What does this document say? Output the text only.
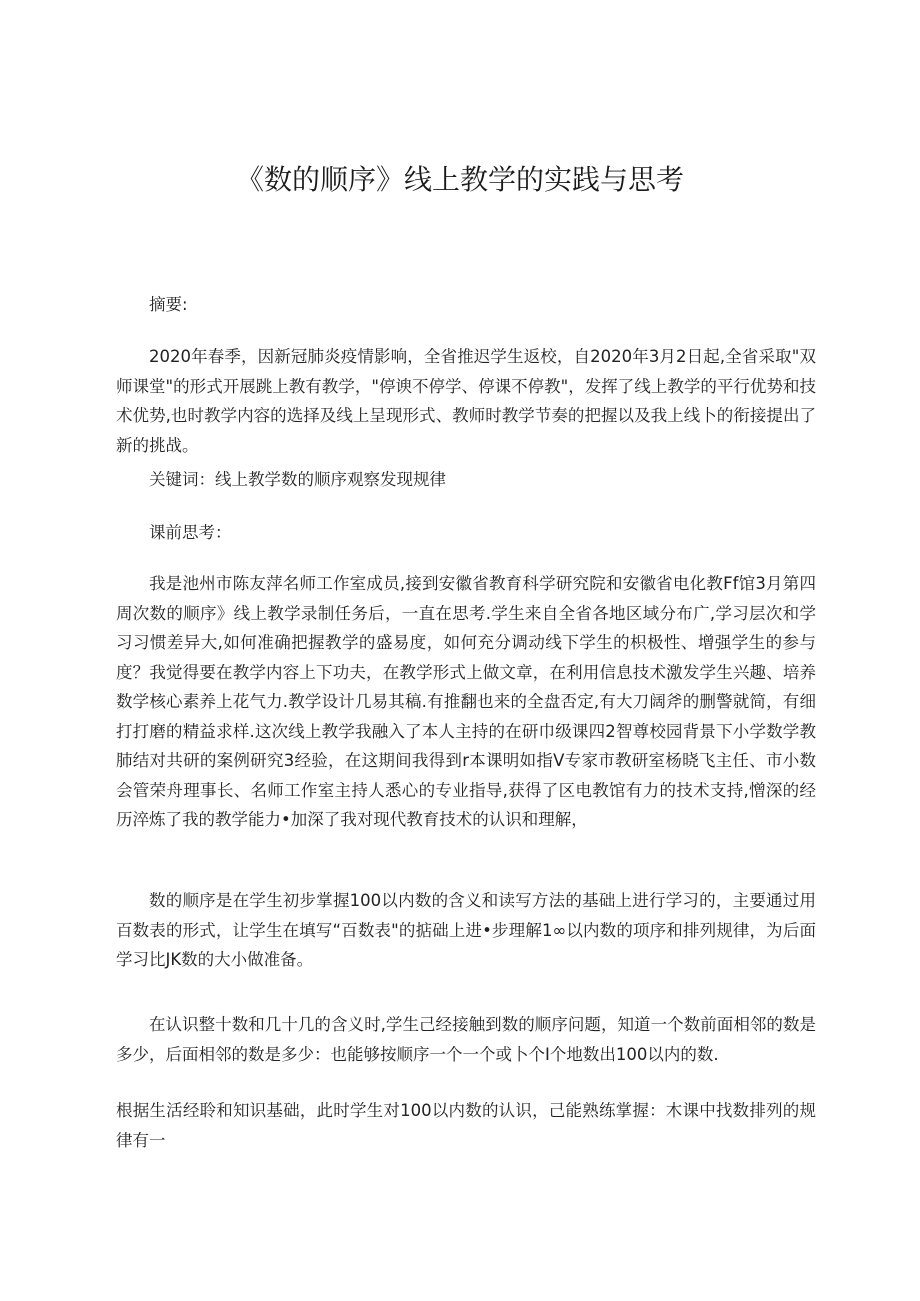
《数的顺序》线上教学的实践与思考
摘要:

2020年春季，因新冠肺炎疫情影响，全省推迟学生返校，自2020年3月2日起,全省采取"双师课堂"的形式开展跳上教有教学，"停谀不停学、停课不停教"，发挥了线上教学的平行优势和技术优势,也时教学内容的选择及线上呈现形式、教师时教学节奏的把握以及我上线卜的衔接提出了新的挑战。

关键词：线上教学数的顺序观察发现规律
课前思考：

我是池州市陈友萍名师工作室成员,接到安徽省教育科学研究院和安徽省电化教Ff馆3月第四周次数的顺序》线上教学录制任务后，一直在思考.学生来自全省各地区域分布广,学习层次和学习习惯差异大,如何准确把握教学的盛易度，如何充分调动线下学生的枳极性、增强学生的参与度？我觉得要在教学内容上下功夫，在教学形式上做文章，在利用信息技术激发学生兴趣、培养数学核心素养上花气力.教学设计几易其稿.有推翻也来的全盘否定,有大刀阔斧的删警就简，有细打打磨的精益求样.这次线上教学我融入了本人主持的在研巾级课四2智尊校园背景下小学数学教肺结对共研的案例研究3经验，在这期间我得到r本课明如指V专家市教研室杨晓飞主任、市小数会管荣舟理事长、名师工作室主持人悉心的专业指导,获得了区电教馆有力的技术支持,憎深的经历淬炼了我的教学能力•加深了我对现代教育技术的认识和理解，

数的顺序是在学生初步掌握100以内数的含义和读写方法的基础上进行学习的，主要通过用百数表的形式，让学生在填写“百数表"的掂础上进•步理解1∞以内数的项序和排列规律，为后面学习比JK数的大小做准备。

在认识整十数和几十几的含义时,学生己经接触到数的顺序问题，知道一个数前面相邻的数是多少，后面相邻的数是多少：也能够按顺序一个一个或卜个I个地数出100以内的数.

根据生活经聆和知识基础，此时学生对100以内数的认识，己能熟练掌握：木课中找数排列的规律有一
